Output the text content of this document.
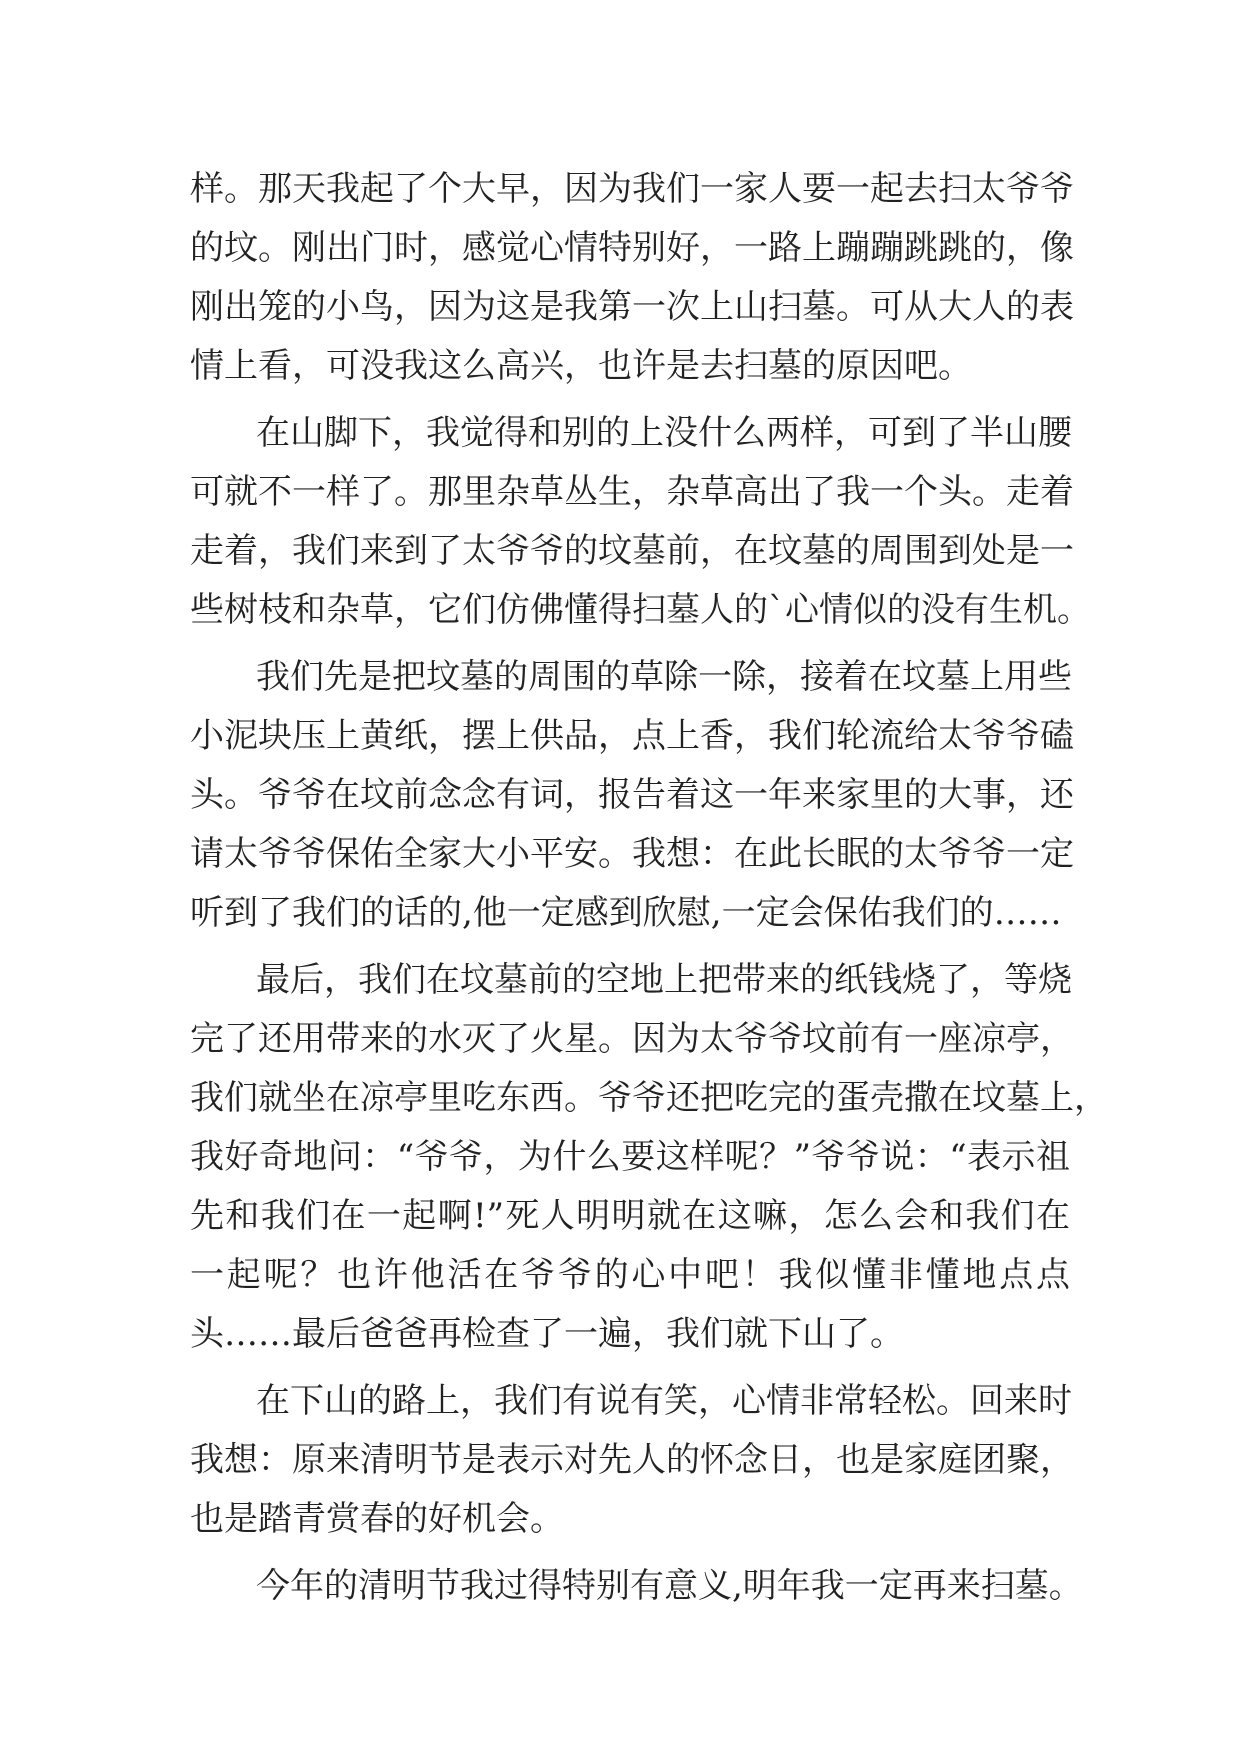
样。那天我起了个大早，因为我们一家人要一起去扫太爷爷
的坟。刚出门时，感觉心情特别好，一路上蹦蹦跳跳的，像
刚出笼的小鸟，因为这是我第一次上山扫墓。可从大人的表
情上看，可没我这么高兴，也许是去扫墓的原因吧。
在山脚下，我觉得和别的上没什么两样，可到了半山腰
可就不一样了。那里杂草丛生，杂草高出了我一个头。走着
走着，我们来到了太爷爷的坟墓前，在坟墓的周围到处是一
些树枝和杂草，它们仿佛懂得扫墓人的`心情似的没有生机。
我们先是把坟墓的周围的草除一除，接着在坟墓上用些
小泥块压上黄纸，摆上供品，点上香，我们轮流给太爷爷磕
头。爷爷在坟前念念有词，报告着这一年来家里的大事，还
请太爷爷保佑全家大小平安。我想：在此长眠的太爷爷一定
听到了我们的话的,他一定感到欣慰,一定会保佑我们的……
最后，我们在坟墓前的空地上把带来的纸钱烧了，等烧
完了还用带来的水灭了火星。因为太爷爷坟前有一座凉亭，
我们就坐在凉亭里吃东西。爷爷还把吃完的蛋壳撒在坟墓上，
我好奇地问：“爷爷，为什么要这样呢？”爷爷说：“表示祖
先和我们在一起啊!”死人明明就在这嘛，怎么会和我们在
一起呢？也许他活在爷爷的心中吧！我似懂非懂地点点
头……最后爸爸再检查了一遍，我们就下山了。
在下山的路上，我们有说有笑，心情非常轻松。回来时
我想：原来清明节是表示对先人的怀念日，也是家庭团聚，
也是踏青赏春的好机会。
今年的清明节我过得特别有意义,明年我一定再来扫墓。
